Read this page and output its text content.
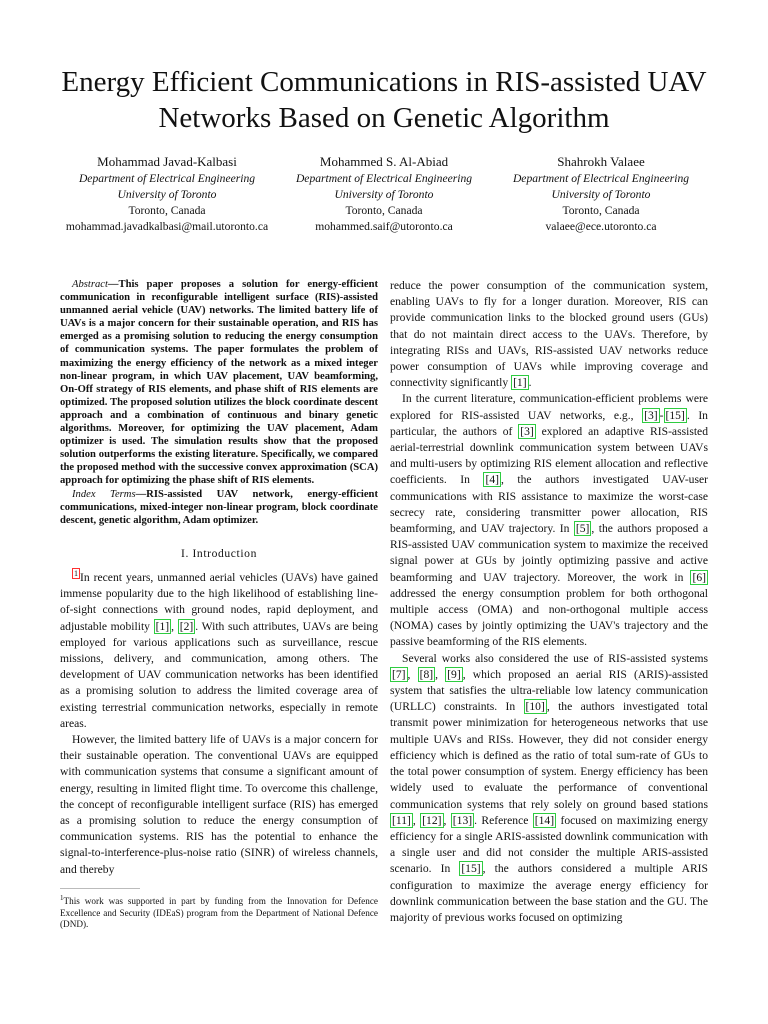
Energy Efficient Communications in RIS-assisted UAV Networks Based on Genetic Algorithm
Mohammad Javad-Kalbasi
Department of Electrical Engineering
University of Toronto
Toronto, Canada
mohammad.javadkalbasi@mail.utoronto.ca
Mohammed S. Al-Abiad
Department of Electrical Engineering
University of Toronto
Toronto, Canada
mohammed.saif@utoronto.ca
Shahrokh Valaee
Department of Electrical Engineering
University of Toronto
Toronto, Canada
valaee@ece.utoronto.ca

Abstract—This paper proposes a solution for energy-efficient communication in reconfigurable intelligent surface (RIS)-assisted unmanned aerial vehicle (UAV) networks. The limited battery life of UAVs is a major concern for their sustainable operation, and RIS has emerged as a promising solution to reducing the energy consumption of communication systems. The paper formulates the problem of maximizing the energy efficiency of the network as a mixed integer non-linear program, in which UAV placement, UAV beamforming, On-Off strategy of RIS elements, and phase shift of RIS elements are optimized. The proposed solution utilizes the block coordinate descent approach and a combination of continuous and binary genetic algorithms. Moreover, for optimizing the UAV placement, Adam optimizer is used. The simulation results show that the proposed solution outperforms the existing literature. Specifically, we compared the proposed method with the successive convex approximation (SCA) approach for optimizing the phase shift of RIS elements.

Index Terms—RIS-assisted UAV network, energy-efficient communications, mixed-integer non-linear program, block coordinate descent, genetic algorithm, Adam optimizer.

I. Introduction

$^1$ In recent years, unmanned aerial vehicles (UAVs) have gained immense popularity due to the high likelihood of establishing line-of-sight connections with ground nodes, rapid deployment, and adjustable mobility [1] , [2] . With such attributes, UAVs are being employed for various applications such as surveillance, rescue missions, delivery, and communication, among others. The development of UAV communication networks has been identified as a promising solution to address the limited coverage area of existing terrestrial communication networks, especially in remote areas.

However, the limited battery life of UAVs is a major concern for their sustainable operation. The conventional UAVs are equipped with communication systems that consume a significant amount of energy, resulting in limited flight time. To overcome this challenge, the concept of reconfigurable intelligent surface (RIS) has emerged as a promising solution to reduce the energy consumption of communication systems. RIS has the potential to enhance the signal-to-interference-plus-noise ratio (SINR) of wireless channels, and thereby

reduce the power consumption of the communication system, enabling UAVs to fly for a longer duration. Moreover, RIS can provide communication links to the blocked ground users (GUs) that do not maintain direct access to the UAVs. Therefore, by integrating RISs and UAVs, RIS-assisted UAV networks reduce power consumption of UAVs while improving coverage and connectivity significantly [1] .

In the current literature, communication-efficient problems were explored for RIS-assisted UAV networks, e.g., [3] - [15] . In particular, the authors of [3] explored an adaptive RIS-assisted aerial-terrestrial downlink communication system between UAVs and multi-users by optimizing RIS element allocation and reflective coefficients. In [4] , the authors investigated UAV-user communications with RIS assistance to maximize the worst-case secrecy rate, considering transmitter power allocation, RIS beamforming, and UAV trajectory. In [5] , the authors proposed a RIS-assisted UAV communication system to maximize the received signal power at GUs by jointly optimizing passive and active beamforming and UAV trajectory. Moreover, the work in [6] addressed the energy consumption problem for both orthogonal multiple access (OMA) and non-orthogonal multiple access (NOMA) cases by jointly optimizing the UAV's trajectory and the passive beamforming of the RIS elements.

Several works also considered the use of RIS-assisted systems [7] , [8] , [9] , which proposed an aerial RIS (ARIS)-assisted system that satisfies the ultra-reliable low latency communication (URLLC) constraints. In [10] , the authors investigated total transmit power minimization for heterogeneous networks that use multiple UAVs and RISs. However, they did not consider energy efficiency which is defined as the ratio of total sum-rate of GUs to the total power consumption of system. Energy efficiency has been widely used to evaluate the performance of conventional communication systems that rely solely on ground based stations [11] , [12] , [13] . Reference [14] focused on maximizing energy efficiency for a single ARIS-assisted downlink communication with a single user and did not consider the multiple ARIS-assisted scenario. In [15] , the authors considered a multiple ARIS configuration to maximize the average energy efficiency for downlink communication between the base station and the GU. The majority of previous works focused on optimizing

$^1$This work was supported in part by funding from the Innovation for Defence Excellence and Security (IDEaS) program from the Department of National Defence (DND).
